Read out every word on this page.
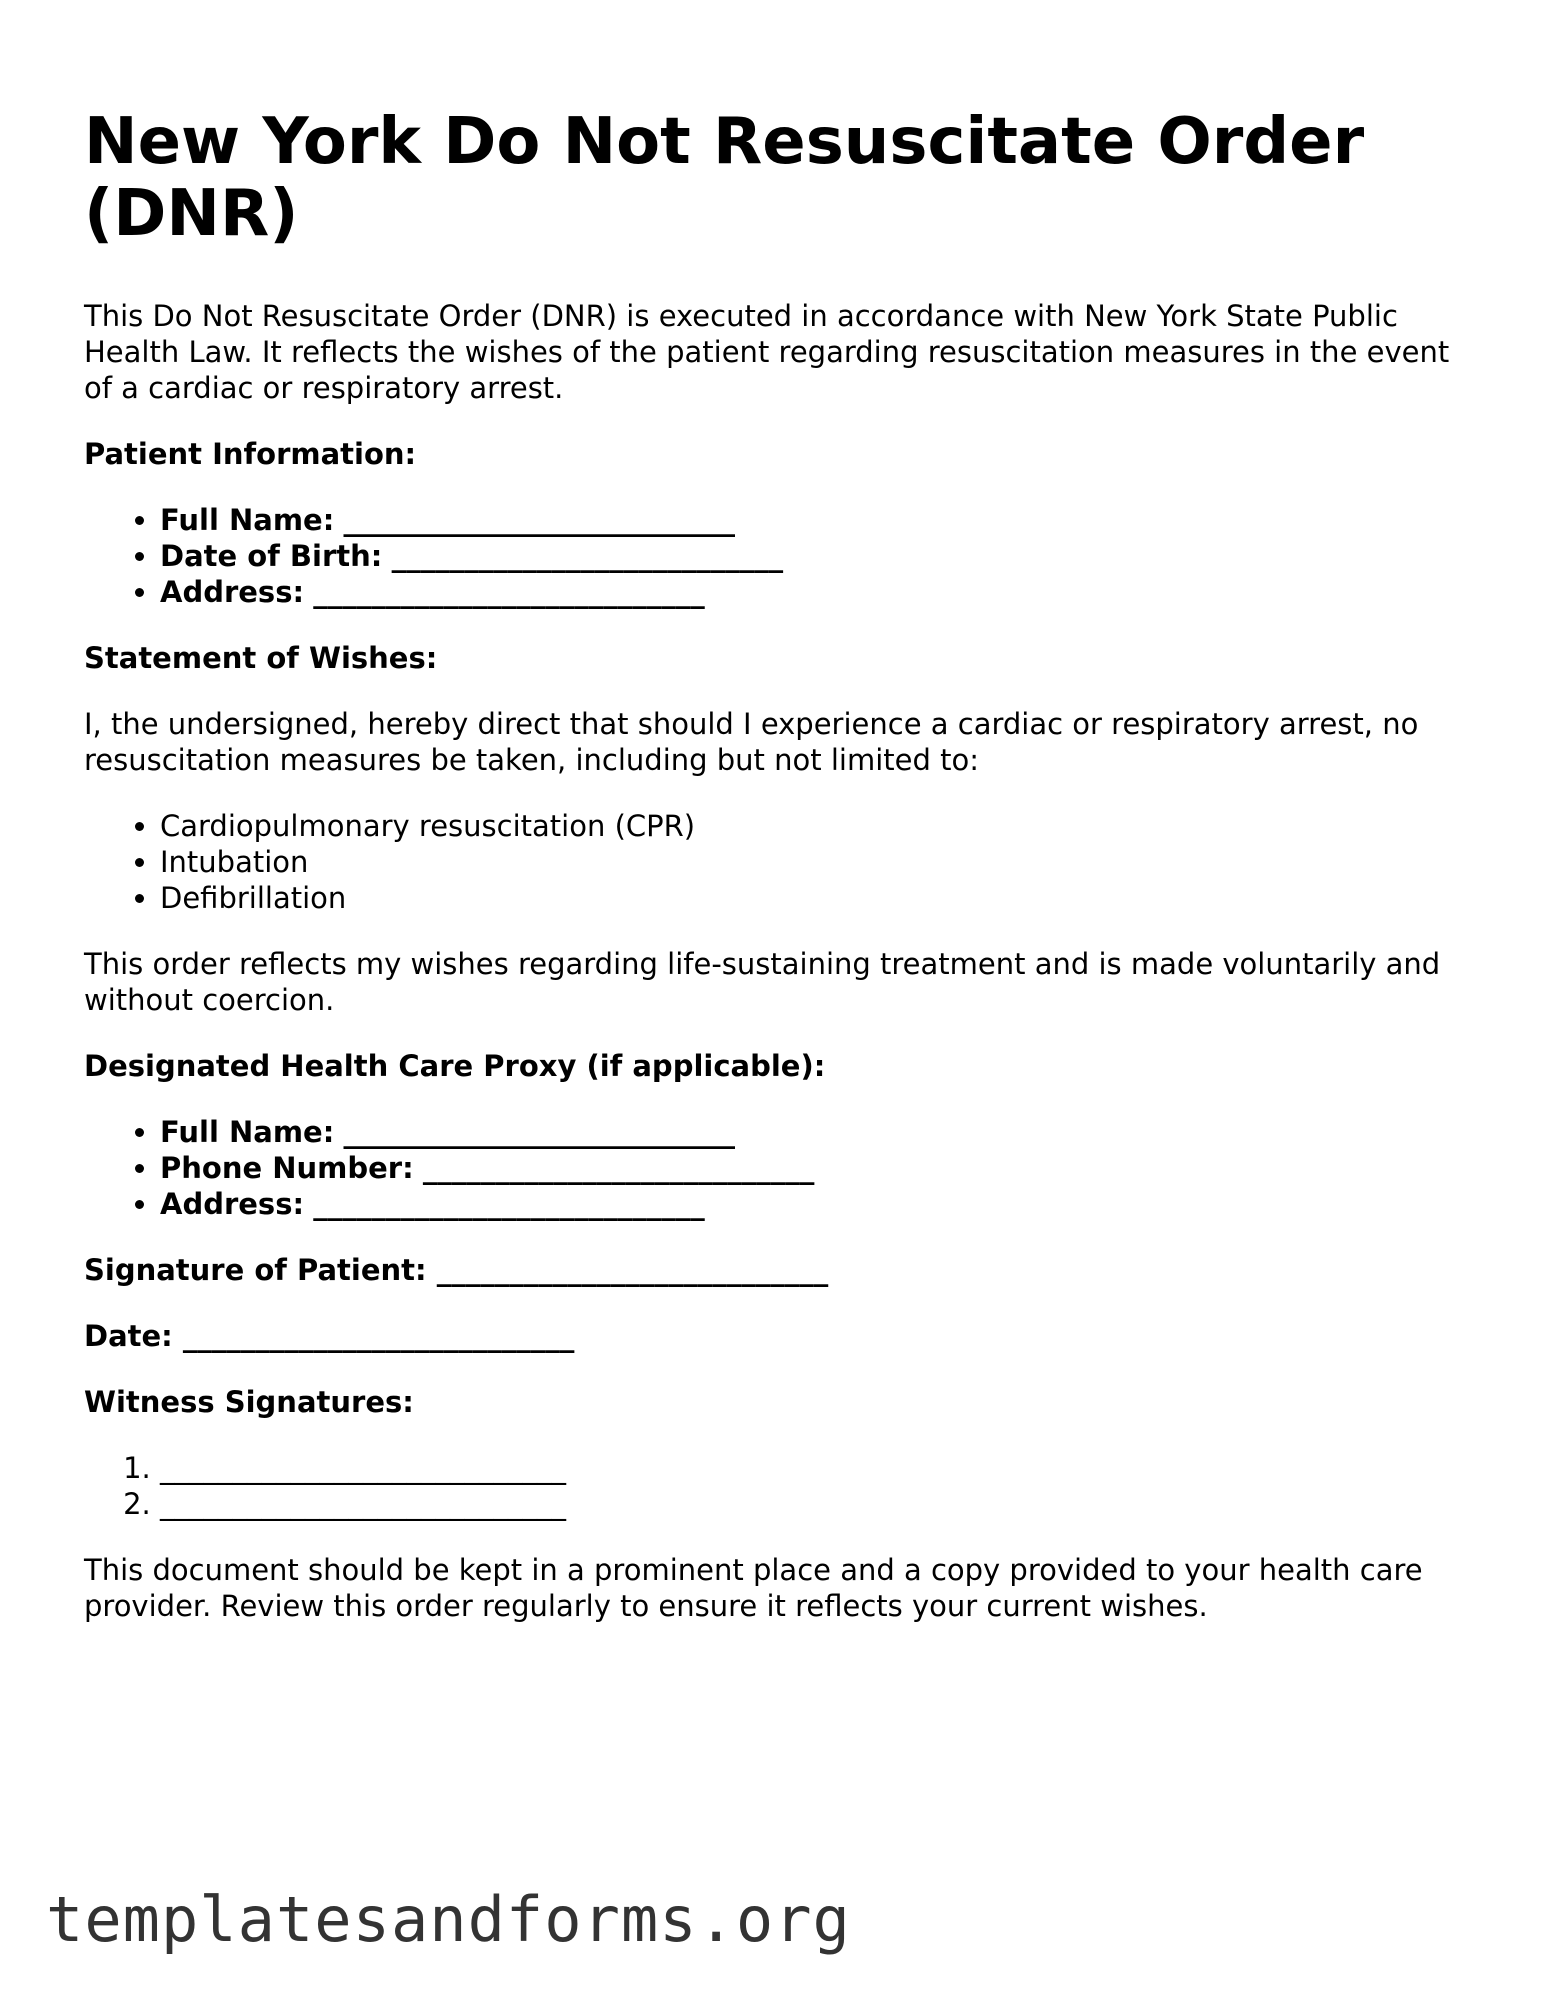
New York Do Not Resuscitate Order (DNR)

This Do Not Resuscitate Order (DNR) is executed in accordance with New York State Public Health Law. It reflects the wishes of the patient regarding resuscitation measures in the event of a cardiac or respiratory arrest.

Patient Information:
• Full Name: ___________________________
• Date of Birth: ___________________________
• Address: ___________________________
Statement of Wishes:

I, the undersigned, hereby direct that should I experience a cardiac or respiratory arrest, no resuscitation measures be taken, including but not limited to:

• Cardiopulmonary resuscitation (CPR)
• Intubation
• Defibrillation

This order reflects my wishes regarding life-sustaining treatment and is made voluntarily and without coercion.

Designated Health Care Proxy (if applicable):
• Full Name: ___________________________
• Phone Number: ___________________________
• Address: ___________________________
Signature of Patient: ___________________________
Date: ___________________________
Witness Signatures:
1. ____________________________
2. ____________________________

This document should be kept in a prominent place and a copy provided to your health care provider. Review this order regularly to ensure it reflects your current wishes.

templatesandforms.org
